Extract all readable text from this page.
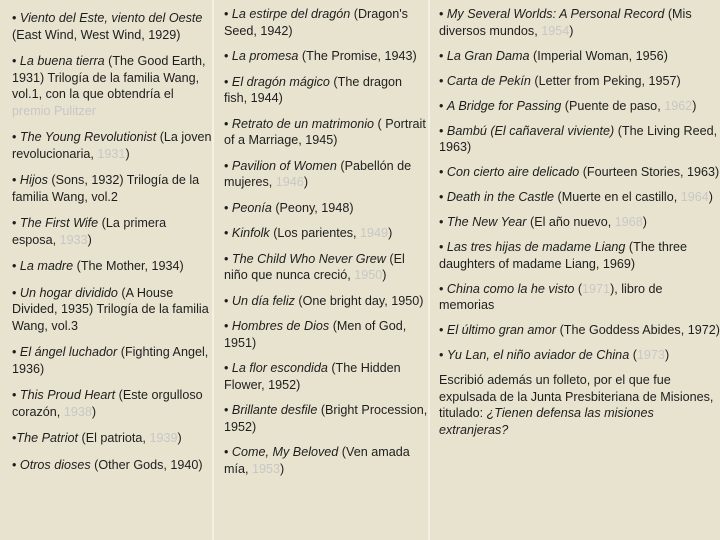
• Viento del Este, viento del Oeste (East Wind, West Wind, 1929)

• La buena tierra (The Good Earth, 1931) Trilogía de la familia Wang, vol.1, con la que obtendría el premio Pulitzer

• The Young Revolutionist (La joven revolucionaria, 1931)

• Hijos (Sons, 1932) Trilogía de la familia Wang, vol.2

• The First Wife (La primera esposa, 1933)

• La madre (The Mother, 1934)

• Un hogar dividido (A House Divided, 1935) Trilogía de la familia Wang, vol.3

• El ángel luchador (Fighting Angel, 1936)

• This Proud Heart (Este orgulloso corazón, 1938)

•The Patriot (El patriota, 1939)

• Otros dioses (Other Gods, 1940)

• La estirpe del dragón (Dragon's Seed, 1942)

• La promesa (The Promise, 1943)

• El dragón mágico (The dragon fish, 1944)

• Retrato de un matrimonio ( Portrait of a Marriage, 1945)

• Pavilion of Women (Pabellón de mujeres, 1946)

• Peonía (Peony, 1948)

• Kinfolk (Los parientes, 1949)

• The Child Who Never Grew (El niño que nunca creció, 1950)

• Un día feliz (One bright day, 1950)

• Hombres de Dios (Men of God, 1951)

• La flor escondida (The Hidden Flower, 1952)

• Brillante desfile (Bright Procession, 1952)

• Come, My Beloved (Ven amada mía, 1953)

• My Several Worlds: A Personal Record (Mis diversos mundos, 1954)

• La Gran Dama (Imperial Woman, 1956)

• Carta de Pekín (Letter from Peking, 1957)

• A Bridge for Passing (Puente de paso, 1962)

• Bambú (El cañaveral viviente) (The Living Reed, 1963)

• Con cierto aire delicado (Fourteen Stories, 1963)

• Death in the Castle (Muerte en el castillo, 1964)

• The New Year (El año nuevo, 1968)

• Las tres hijas de madame Liang (The three daughters of madame Liang, 1969)

• China como la he visto (1971), libro de memorias

• El último gran amor (The Goddess Abides, 1972)

• Yu Lan, el niño aviador de China (1973)

Escribió además un folleto, por el que fue expulsada de la Junta Presbiteriana de Misiones, titulado: ¿Tienen defensa las misiones extranjeras?
